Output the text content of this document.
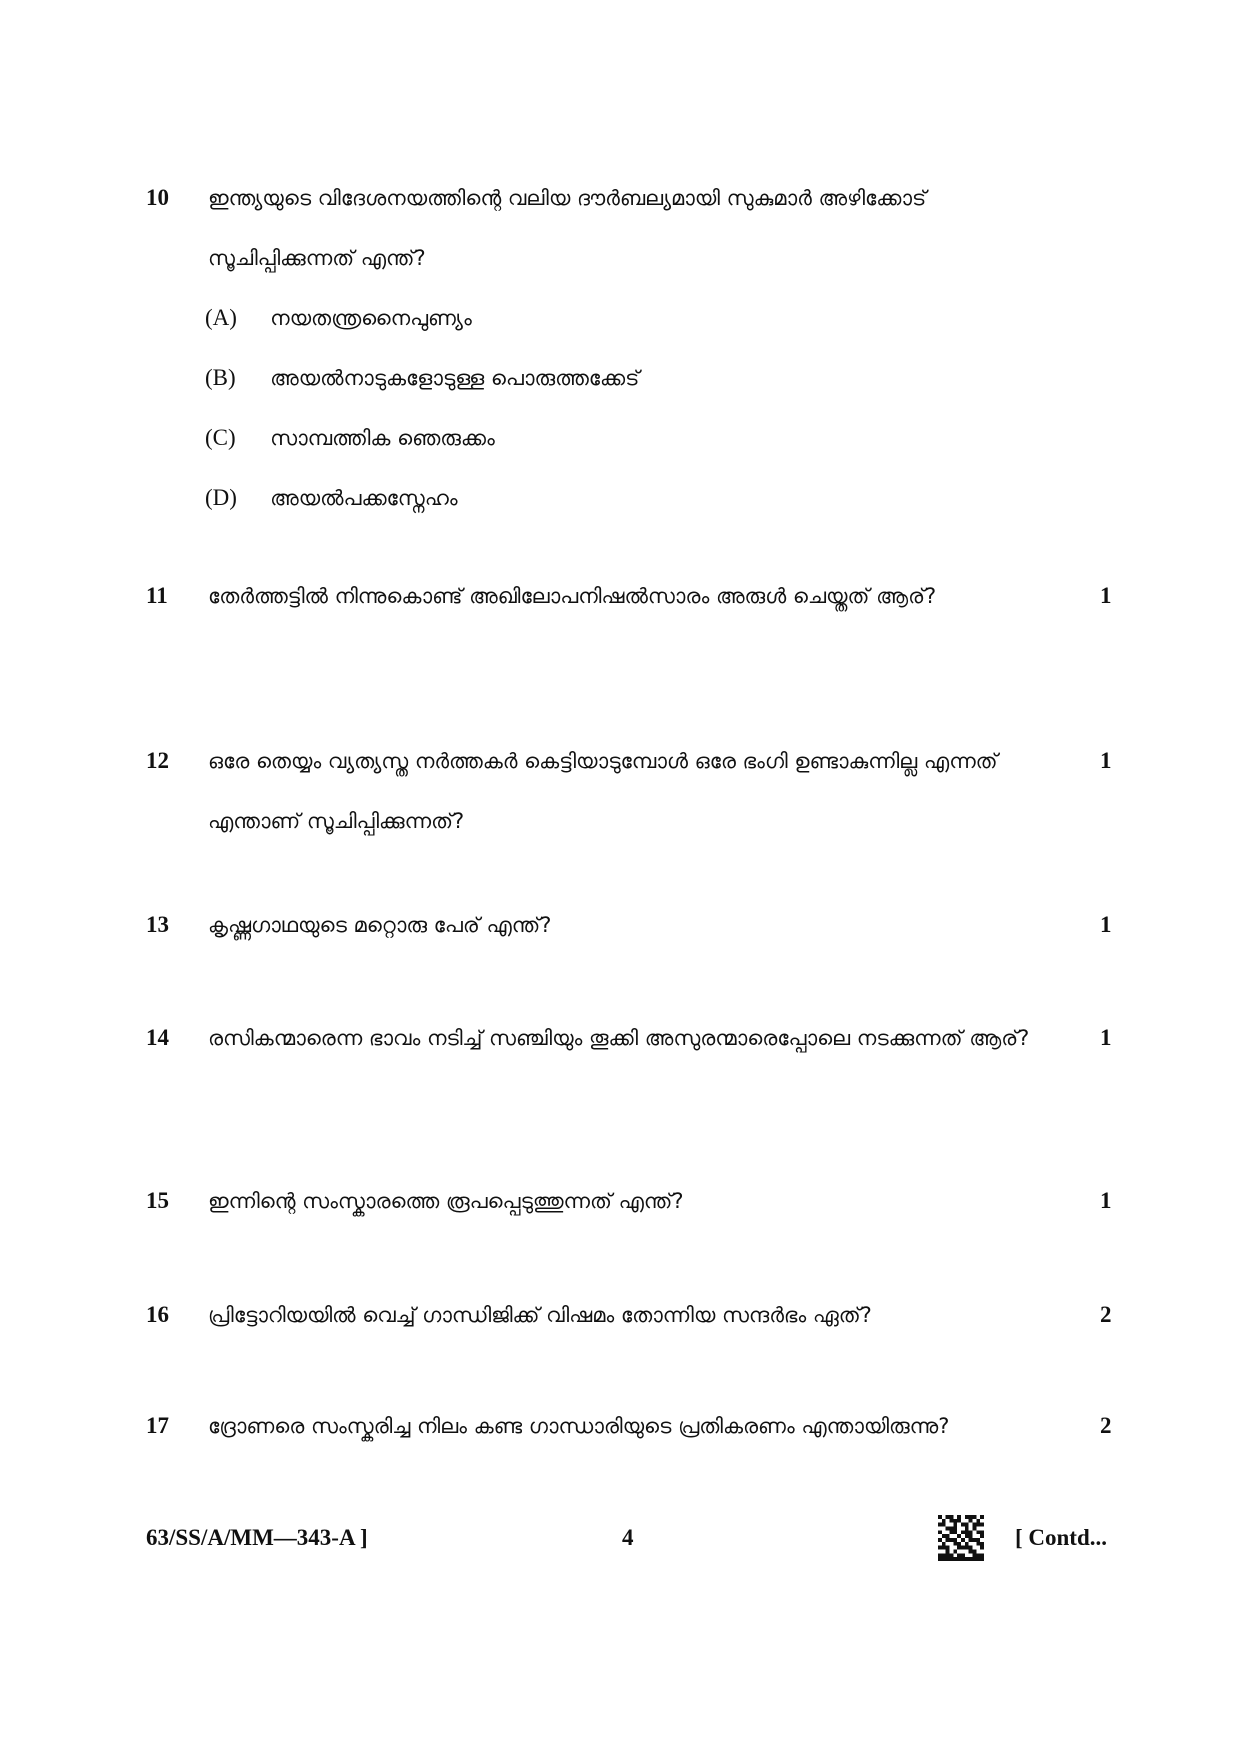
10 ഇന്ത്യയുടെ വിദേശനയത്തിന്റെ വലിയ ദൗർബല്യമായി സുകുമാർ അഴിക്കോട് സൂചിപ്പിക്കുന്നത് എന്ത്?
(A) നയതന്ത്രനൈപുണ്യം
(B) അയൽനാടുകളോടുള്ള പൊരുത്തക്കേട്
(C) സാമ്പത്തിക ഞെരുക്കം
(D) അയൽപക്കസ്നേഹം
11 തേർത്തട്ടിൽ നിന്നുകൊണ്ട് അഖിലോപനിഷൽസാരം അരുൾ ചെയ്തത് ആര്?	1
12 ഒരേ തെയ്യം വ്യത്യസ്ത നർത്തകർ കെട്ടിയാടുമ്പോൾ ഒരേ ഭംഗി ഉണ്ടാകുന്നില്ല എന്നത് എന്താണ് സൂചിപ്പിക്കുന്നത്?
1
13 കൃഷ്ണഗാഥയുടെ മറ്റൊരു പേര് എന്ത്?	1
14 രസികന്മാരെന്ന ഭാവം നടിച്ച് സഞ്ചിയും തൂക്കി അസുരന്മാരെപ്പോലെ നടക്കുന്നത് ആര്?	1
15 ഇന്നിന്റെ സംസ്കാരത്തെ രൂപപ്പെടുത്തുന്നത് എന്ത്?	1
16 പ്രിട്ടോറിയയിൽ വെച്ച് ഗാന്ധിജിക്ക് വിഷമം തോന്നിയ സന്ദർഭം ഏത്?	2
17 ദ്രോണരെ സംസ്കരിച്ച നിലം കണ്ട ഗാന്ധാരിയുടെ പ്രതികരണം എന്തായിരുന്നു?	2
63/SS/A/MM—343-A ]	4	[ Contd...
